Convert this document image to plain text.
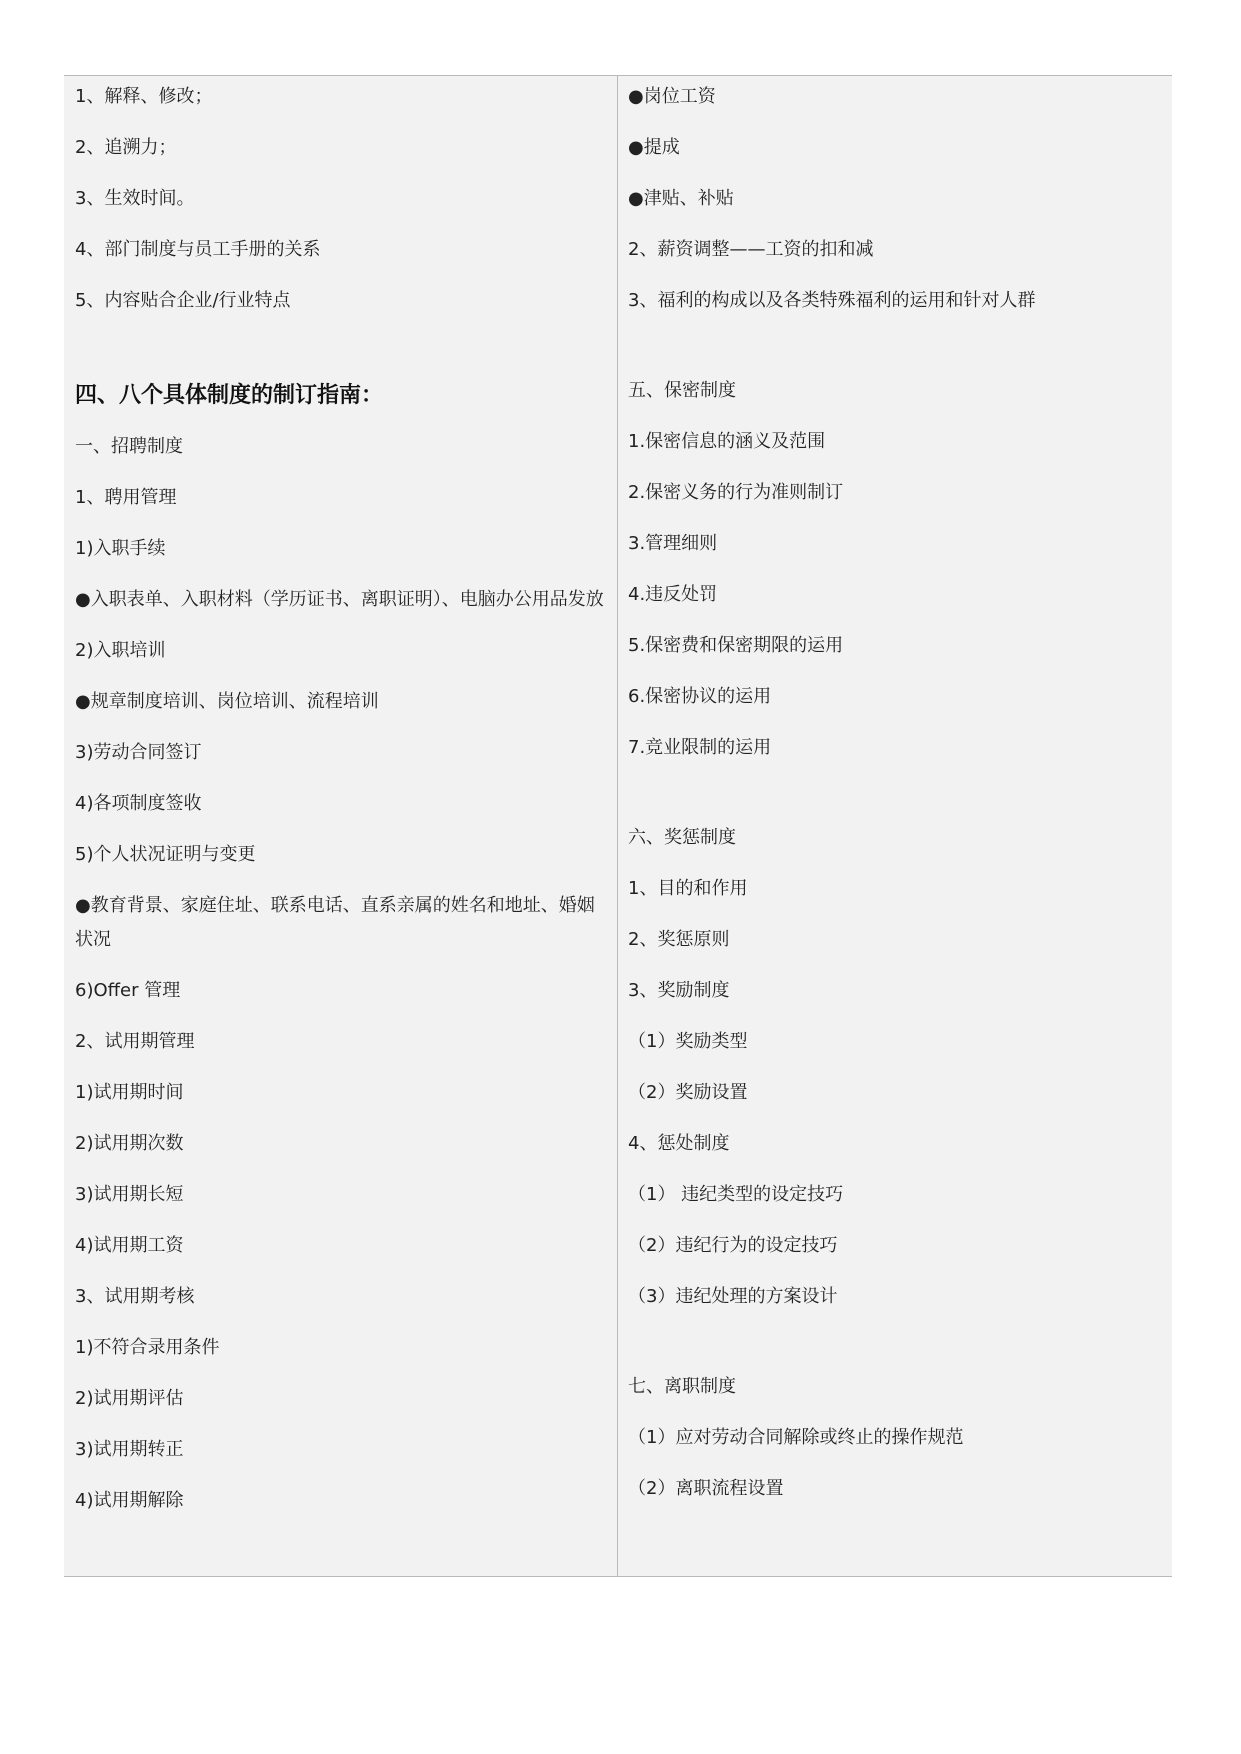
1、解释、修改；
2、追溯力；
3、生效时间。
4、部门制度与员工手册的关系
5、内容贴合企业/行业特点
四、八个具体制度的制订指南：
一、招聘制度
1、聘用管理
1)入职手续
●入职表单、入职材料（学历证书、离职证明）、电脑办公用品发放
2)入职培训
●规章制度培训、岗位培训、流程培训
3)劳动合同签订
4)各项制度签收
5)个人状况证明与变更
●教育背景、家庭住址、联系电话、直系亲属的姓名和地址、婚姻状况
6)Offer 管理
2、试用期管理
1)试用期时间
2)试用期次数
3)试用期长短
4)试用期工资
3、试用期考核
1)不符合录用条件
2)试用期评估
3)试用期转正
4)试用期解除
●岗位工资
●提成
●津贴、补贴
2、薪资调整——工资的扣和减
3、福利的构成以及各类特殊福利的运用和针对人群
五、保密制度
1.保密信息的涵义及范围
2.保密义务的行为准则制订
3.管理细则
4.违反处罚
5.保密费和保密期限的运用
6.保密协议的运用
7.竞业限制的运用
六、奖惩制度
1、目的和作用
2、奖惩原则
3、奖励制度
（1）奖励类型
（2）奖励设置
4、惩处制度
（1） 违纪类型的设定技巧
（2）违纪行为的设定技巧
（3）违纪处理的方案设计
七、离职制度
（1）应对劳动合同解除或终止的操作规范
（2）离职流程设置
